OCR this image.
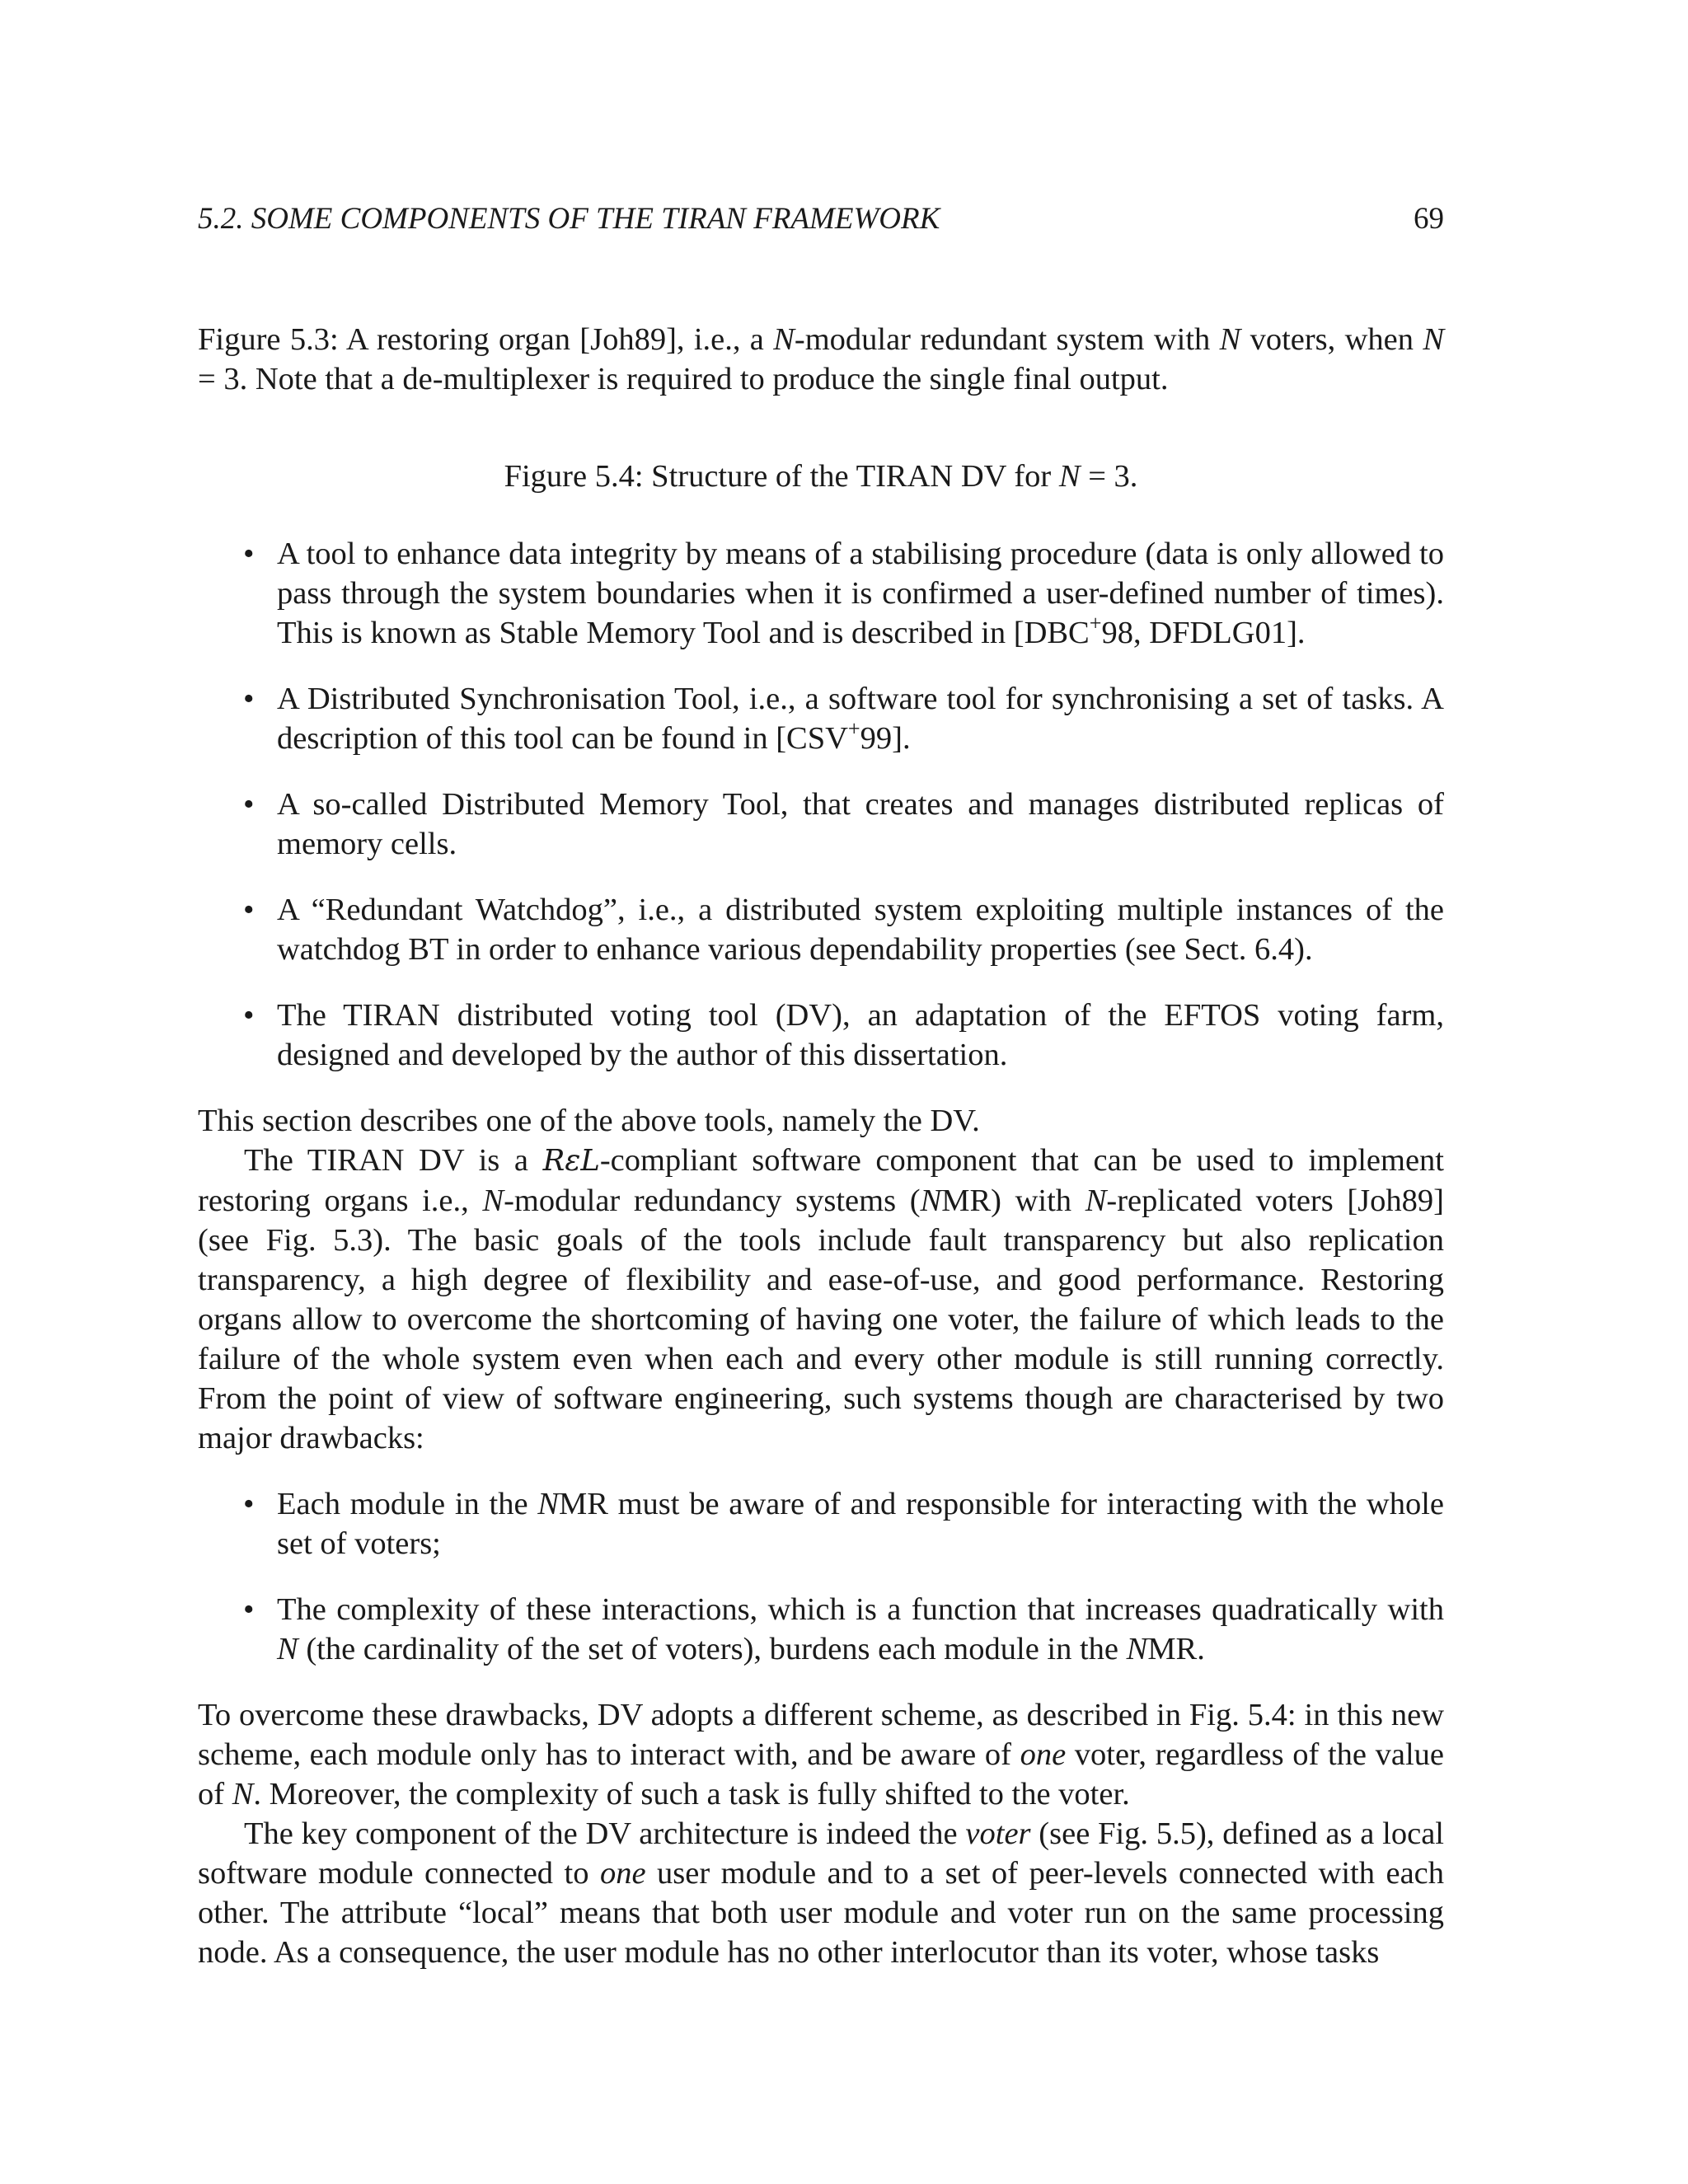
5.2. SOME COMPONENTS OF THE TIRAN FRAMEWORK	69

Figure 5.3: A restoring organ [Joh89], i.e., a N-modular redundant system with N voters, when N = 3. Note that a de-multiplexer is required to produce the single final output.

Figure 5.4: Structure of the TIRAN DV for N = 3.

• A tool to enhance data integrity by means of a stabilising procedure (data is only allowed to pass through the system boundaries when it is confirmed a user-defined number of times). This is known as Stable Memory Tool and is described in [DBC+98, DFDLG01].
• A Distributed Synchronisation Tool, i.e., a software tool for synchronising a set of tasks. A description of this tool can be found in [CSV+99].
• A so-called Distributed Memory Tool, that creates and manages distributed replicas of memory cells.
• A “Redundant Watchdog”, i.e., a distributed system exploiting multiple instances of the watchdog BT in order to enhance various dependability properties (see Sect. 6.4).
• The TIRAN distributed voting tool (DV), an adaptation of the EFTOS voting farm, designed and developed by the author of this dissertation.

This section describes one of the above tools, namely the DV.

The TIRAN DV is a RεL-compliant software component that can be used to implement restoring organs i.e., N-modular redundancy systems (NMR) with N-replicated voters [Joh89] (see Fig. 5.3). The basic goals of the tools include fault transparency but also replication transparency, a high degree of flexibility and ease-of-use, and good performance. Restoring organs allow to overcome the shortcoming of having one voter, the failure of which leads to the failure of the whole system even when each and every other module is still running correctly. From the point of view of software engineering, such systems though are characterised by two major drawbacks:

• Each module in the NMR must be aware of and responsible for interacting with the whole set of voters;
• The complexity of these interactions, which is a function that increases quadratically with N (the cardinality of the set of voters), burdens each module in the NMR.

To overcome these drawbacks, DV adopts a different scheme, as described in Fig. 5.4: in this new scheme, each module only has to interact with, and be aware of one voter, regardless of the value of N. Moreover, the complexity of such a task is fully shifted to the voter.

The key component of the DV architecture is indeed the voter (see Fig. 5.5), defined as a local software module connected to one user module and to a set of peer-levels connected with each other. The attribute “local” means that both user module and voter run on the same processing node. As a consequence, the user module has no other interlocutor than its voter, whose tasks
